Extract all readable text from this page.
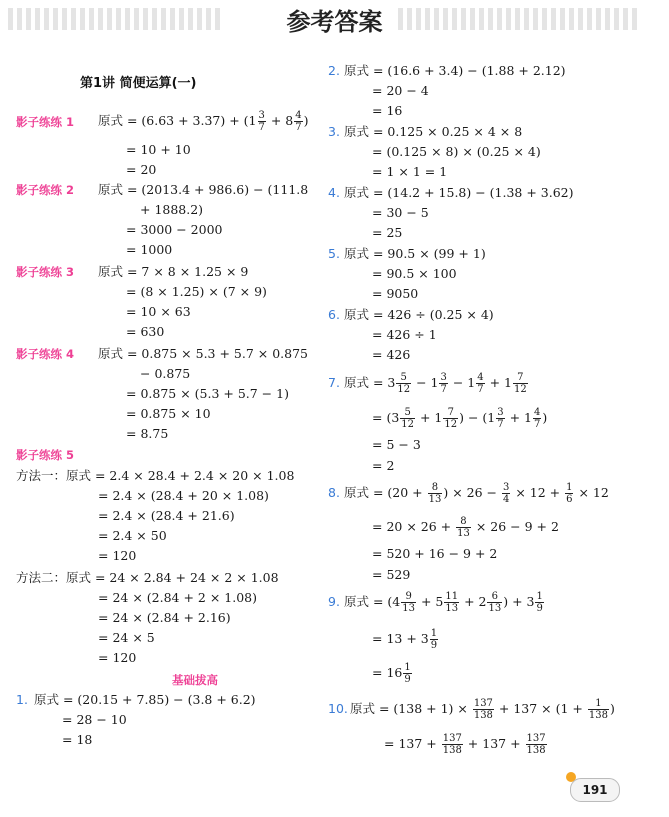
参考答案
第1讲 简便运算(一)
影子练练 1 原式 = $(6.63 + 3.37) + (1 \frac{3}{7} + 8 \frac{4}{7}$ )
= 10 + 10
= 20
影子练练 2 原式 = (2013.4 + 986.6) − (111.8
+ 1888.2)
= 3000 − 2000
= 1000
影子练练 3 原式 = 7 × 8 × 1.25 × 9
= (8 × 1.25) × (7 × 9)
= 10 × 63
= 630
影子练练 4 原式 = 0.875 × 5.3 + 5.7 × 0.875
− 0.875
= 0.875 × (5.3 + 5.7 − 1)
= 0.875 × 10
= 8.75
影子练练 5
方法一：原式 = 2.4 × 28.4 + 2.4 × 20 × 1.08
= 2.4 × (28.4 + 20 × 1.08)
= 2.4 × (28.4 + 21.6)
= 2.4 × 50
= 120
方法二：原式 = 24 × 2.84 + 24 × 2 × 1.08
= 24 × (2.84 + 2 × 1.08)
= 24 × (2.84 + 2.16)
= 24 × 5
= 120
基础拔高
1. 原式 = (20.15 + 7.85) − (3.8 + 6.2)
= 28 − 10
= 18
2. 原式 = (16.6 + 3.4) − (1.88 + 2.12)
= 20 − 4
= 16
3. 原式 = 0.125 × 0.25 × 4 × 8
= (0.125 × 8) × (0.25 × 4)
= 1 × 1 = 1
4. 原式 = (14.2 + 15.8) − (1.38 + 3.62)
= 30 − 5
= 25
5. 原式 = 90.5 × (99 + 1)
= 90.5 × 100
= 9050
6. 原式 = 426 ÷ (0.25 × 4)
= 426 ÷ 1
= 426
7. 原式 = $3 \frac{5}{12} - 1 \frac{3}{7} - 1 \frac{4}{7} + 1 \frac{7}{12}$
= ($3 \frac{5}{12} + 1 \frac{7}{12}$ ) − ($1 \frac{3}{7} + 1 \frac{4}{7}$ )
= 5 − 3
= 2
8. 原式 = ($20 + \frac{8}{13}$ ) × $26 - \frac{3}{4} \times 12 + \frac{1}{6} \times 12$
= $20 \times 26 + \frac{8}{13} \times 26 - 9 + 2$
= 520 + 16 − 9 + 2
= 529
9. 原式 = ($4 \frac{9}{13} + 5 \frac{11}{13} + 2 \frac{6}{13}$ ) + $3 \frac{1}{9}$
= $13 + 3 \frac{1}{9}$
= $16 \frac{1}{9}$
10. 原式 = $(138 + 1) \times \frac{137}{138} + 137 \times (1 + \frac{1}{138}$ )
= $137 + \frac{137}{138} + 137 + \frac{137}{138}$
191
